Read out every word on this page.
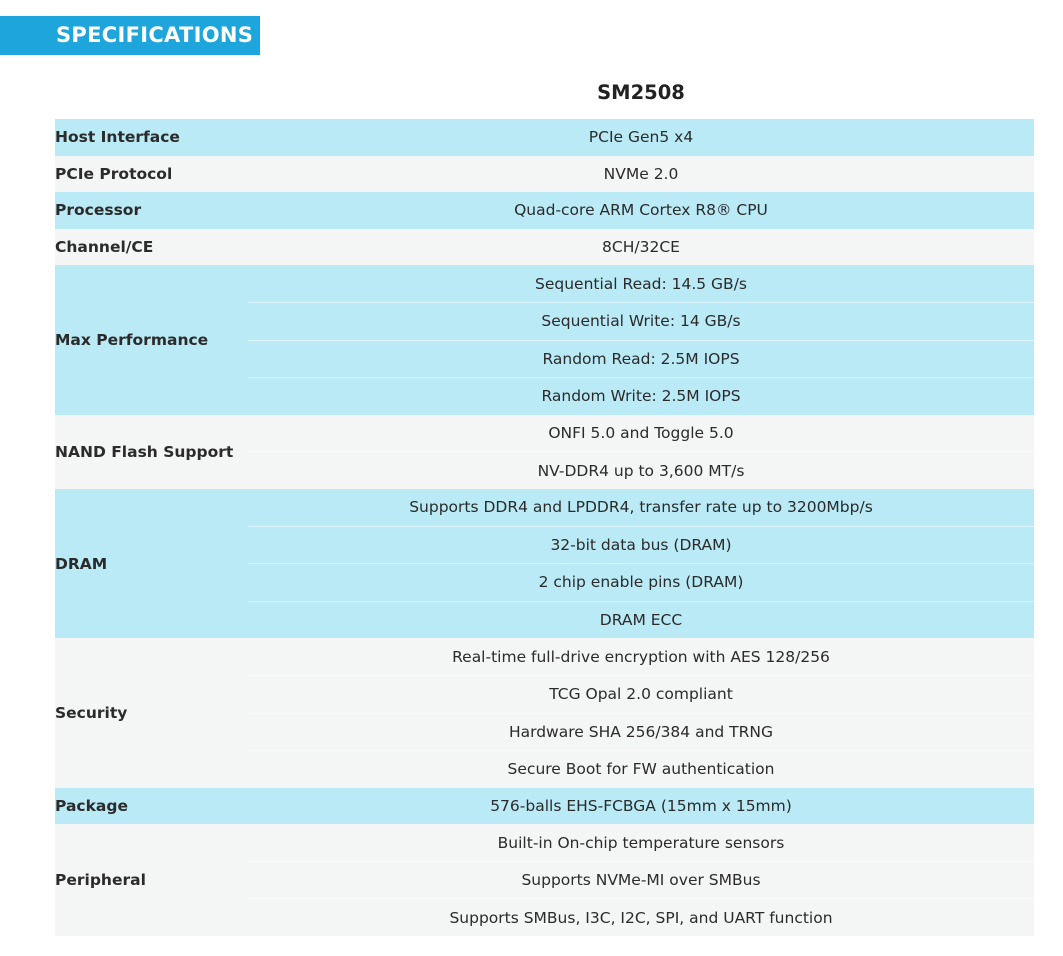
SPECIFICATIONS
SM2508
Host Interface	PCIe Gen5 x4
PCIe Protocol	NVMe 2.0
Processor	Quad-core ARM Cortex R8® CPU
Channel/CE	8CH/32CE
Max Performance	Sequential Read: 14.5 GB/s
	Sequential Write: 14 GB/s
	Random Read: 2.5M IOPS
	Random Write: 2.5M IOPS
NAND Flash Support	ONFI 5.0 and Toggle 5.0
	NV-DDR4 up to 3,600 MT/s
DRAM	Supports DDR4 and LPDDR4, transfer rate up to 3200Mbp/s
	32-bit data bus (DRAM)
	2 chip enable pins (DRAM)
	DRAM ECC
Security	Real-time full-drive encryption with AES 128/256
	TCG Opal 2.0 compliant
	Hardware SHA 256/384 and TRNG
	Secure Boot for FW authentication
Package	576-balls EHS-FCBGA (15mm x 15mm)
Peripheral	Built-in On-chip temperature sensors
	Supports NVMe-MI over SMBus
	Supports SMBus, I3C, I2C, SPI, and UART function
